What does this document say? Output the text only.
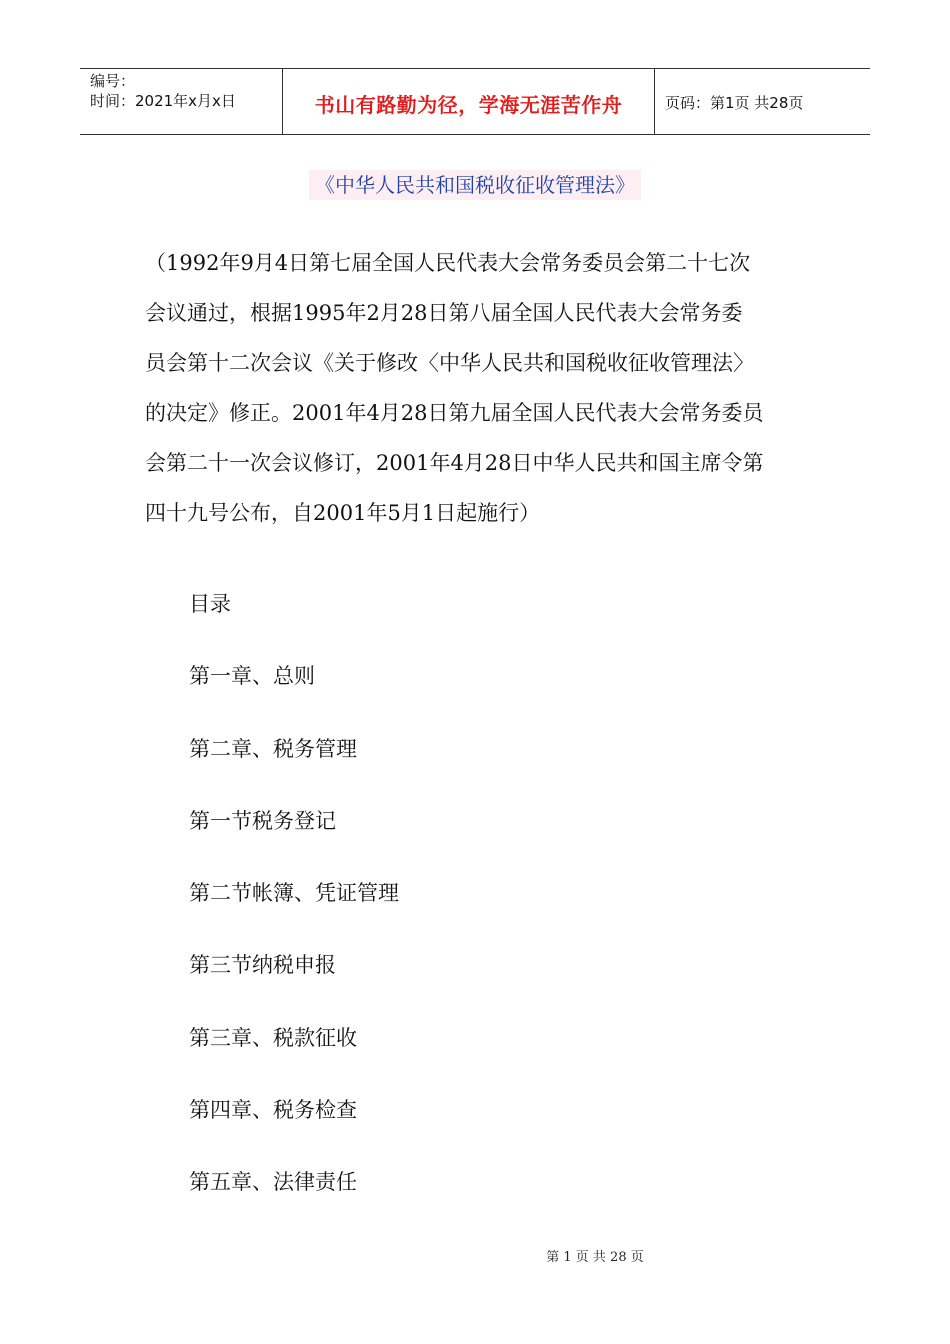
编号：
时间：2021年x月x日	书山有路勤为径，学海无涯苦作舟	页码：第1页 共28页
《中华人民共和国税收征收管理法》

（1992年9月4日第七届全国人民代表大会常务委员会第二十七次
会议通过，根据1995年2月28日第八届全国人民代表大会常务委
员会第十二次会议《关于修改〈中华人民共和国税收征收管理法〉
的决定》修正。2001年4月28日第九届全国人民代表大会常务委员
会第二十一次会议修订，2001年4月28日中华人民共和国主席令第
四十九号公布，自2001年5月1日起施行）

目录
第一章、总则
第二章、税务管理
第一节税务登记
第二节帐簿、凭证管理
第三节纳税申报
第三章、税款征收
第四章、税务检查
第五章、法律责任
第 1 页 共 28 页
